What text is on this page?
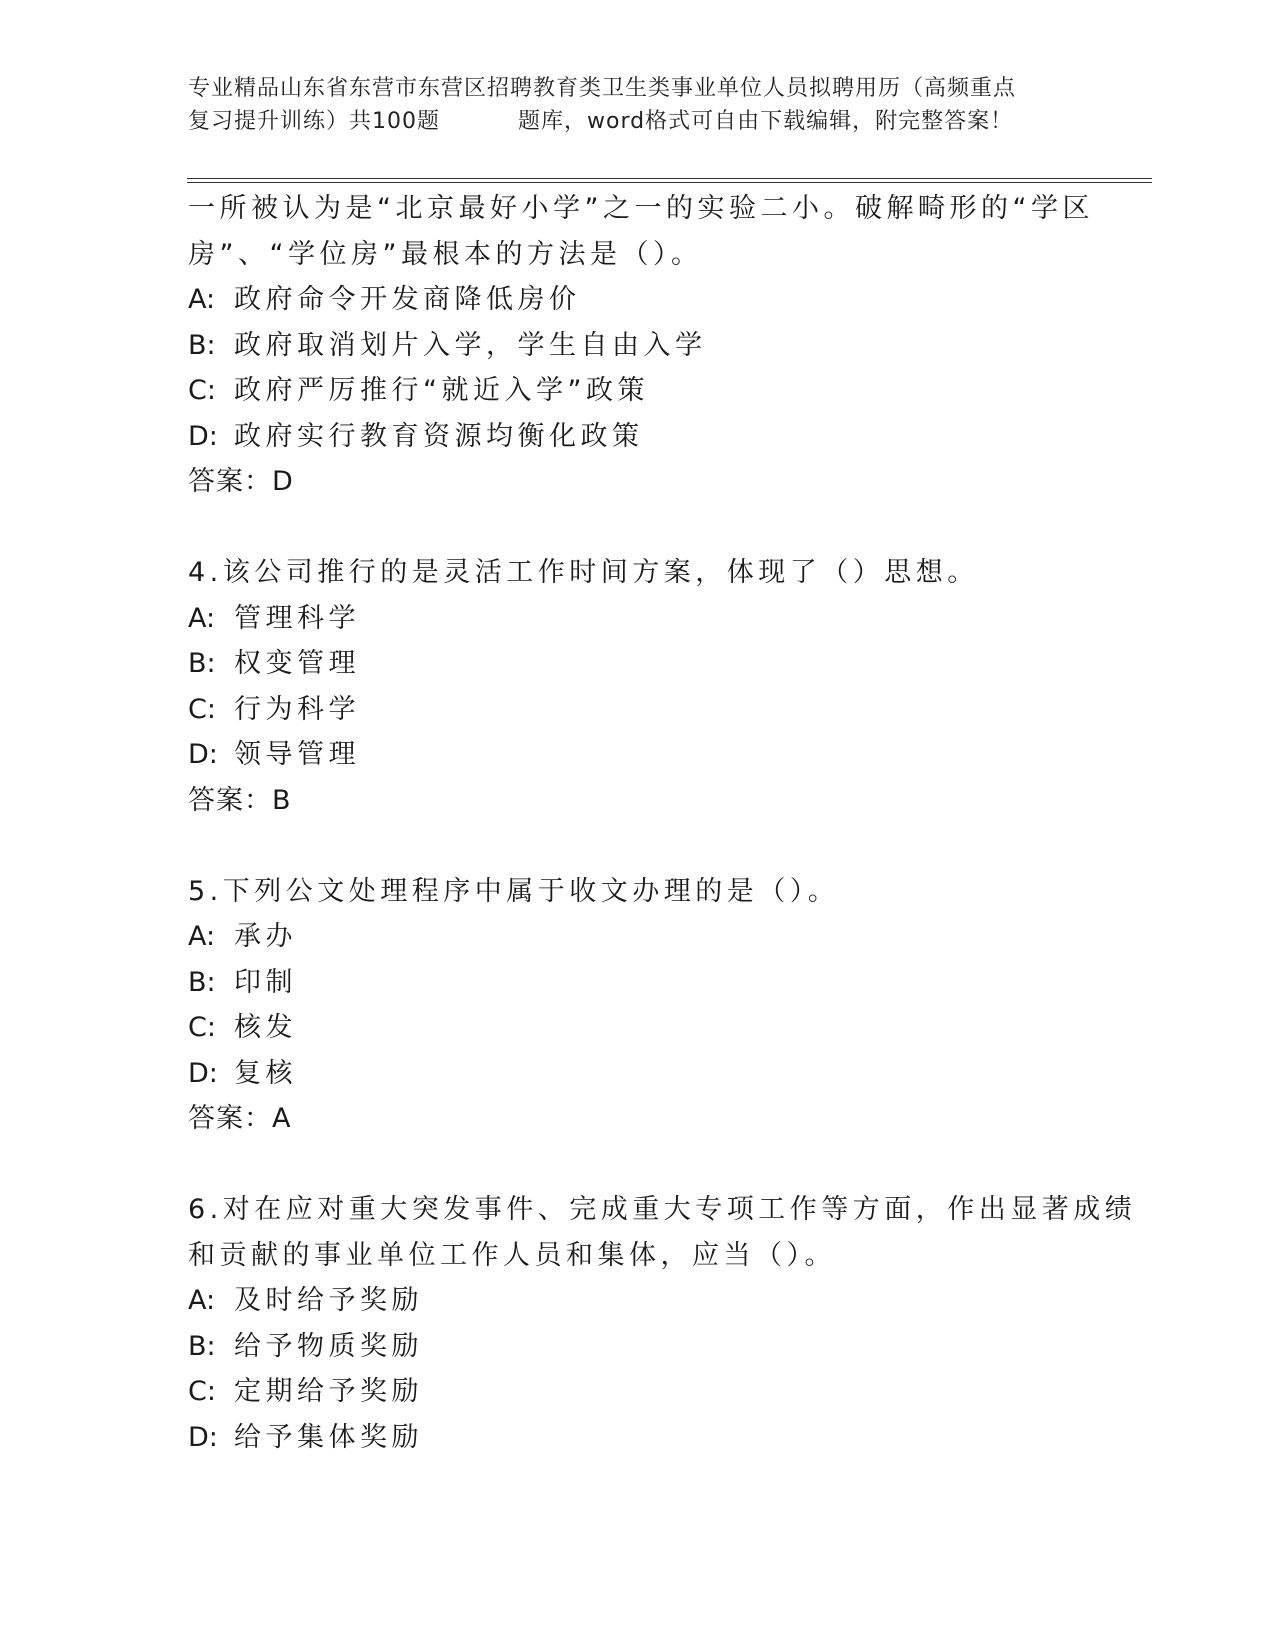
专业精品山东省东营市东营区招聘教育类卫生类事业单位人员拟聘用历（高频重点
复习提升训练）共100题	题库，word格式可自由下载编辑，附完整答案！
一所被认为是“北京最好小学”之一的实验二小。破解畸形的“学区
房”、“学位房”最根本的方法是（）。
A: 政府命令开发商降低房价
B: 政府取消划片入学，学生自由入学
C: 政府严厉推行“就近入学”政策
D: 政府实行教育资源均衡化政策
答案：D
4.该公司推行的是灵活工作时间方案，体现了（）思想。
A: 管理科学
B: 权变管理
C: 行为科学
D: 领导管理
答案：B
5.下列公文处理程序中属于收文办理的是（）。
A: 承办
B: 印制
C: 核发
D: 复核
答案：A
6.对在应对重大突发事件、完成重大专项工作等方面，作出显著成绩
和贡献的事业单位工作人员和集体，应当（）。
A: 及时给予奖励
B: 给予物质奖励
C: 定期给予奖励
D: 给予集体奖励
